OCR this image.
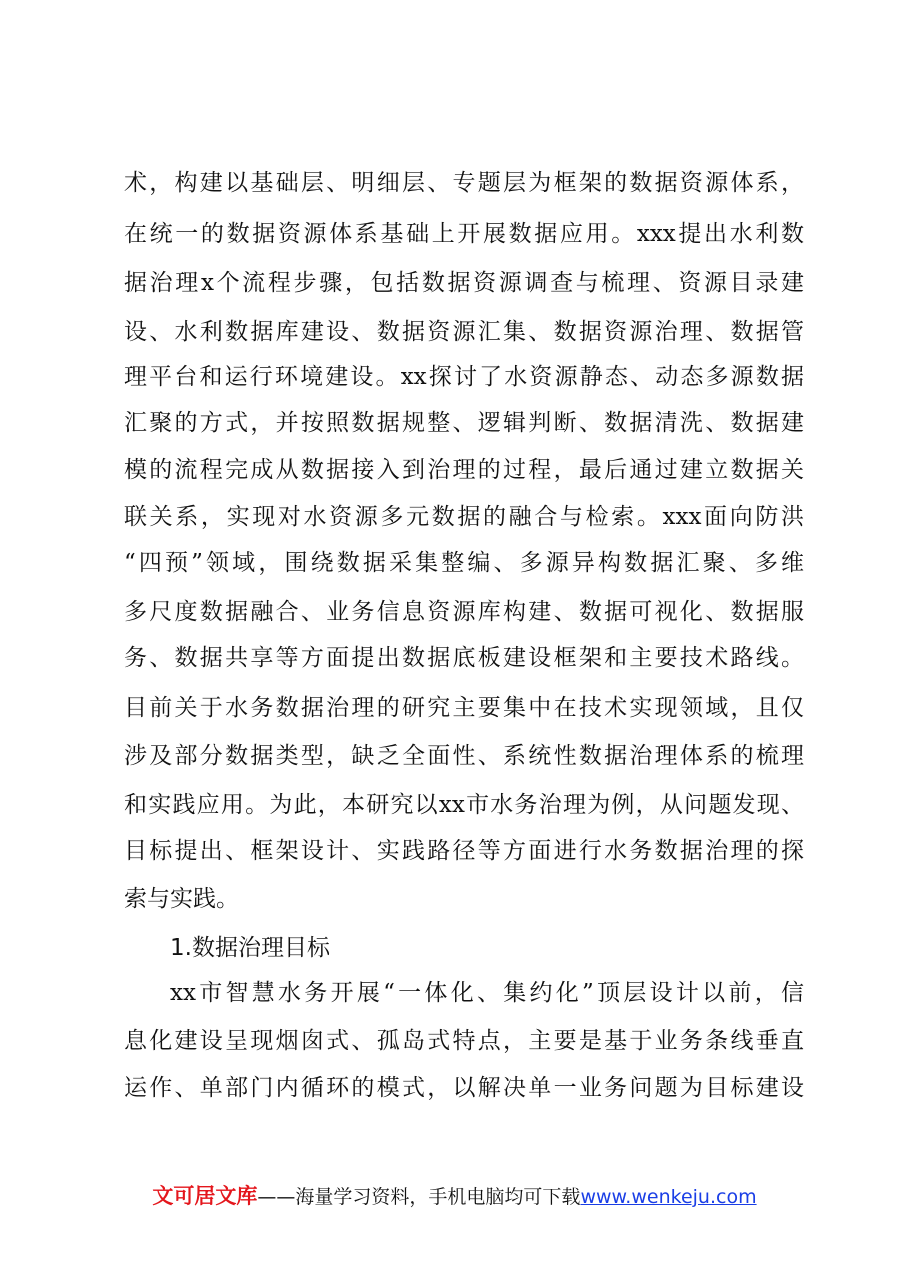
术，构建以基础层、明细层、专题层为框架的数据资源体系，
在统一的数据资源体系基础上开展数据应用。xxx提出水利数
据治理x个流程步骤，包括数据资源调查与梳理、资源目录建
设、水利数据库建设、数据资源汇集、数据资源治理、数据管
理平台和运行环境建设。xx探讨了水资源静态、动态多源数据
汇聚的方式，并按照数据规整、逻辑判断、数据清洗、数据建
模的流程完成从数据接入到治理的过程，最后通过建立数据关
联关系，实现对水资源多元数据的融合与检索。xxx面向防洪
“四预”领域，围绕数据采集整编、多源异构数据汇聚、多维
多尺度数据融合、业务信息资源库构建、数据可视化、数据服
务、数据共享等方面提出数据底板建设框架和主要技术路线。
目前关于水务数据治理的研究主要集中在技术实现领域，且仅
涉及部分数据类型，缺乏全面性、系统性数据治理体系的梳理
和实践应用。为此，本研究以xx市水务治理为例，从问题发现、
目标提出、框架设计、实践路径等方面进行水务数据治理的探
索与实践。
1.数据治理目标
xx市智慧水务开展“一体化、集约化”顶层设计以前，信
息化建设呈现烟囱式、孤岛式特点，主要是基于业务条线垂直
运作、单部门内循环的模式，以解决单一业务问题为目标建设
文可居文库——海量学习资料，手机电脑均可下载www.wenkeju.com
